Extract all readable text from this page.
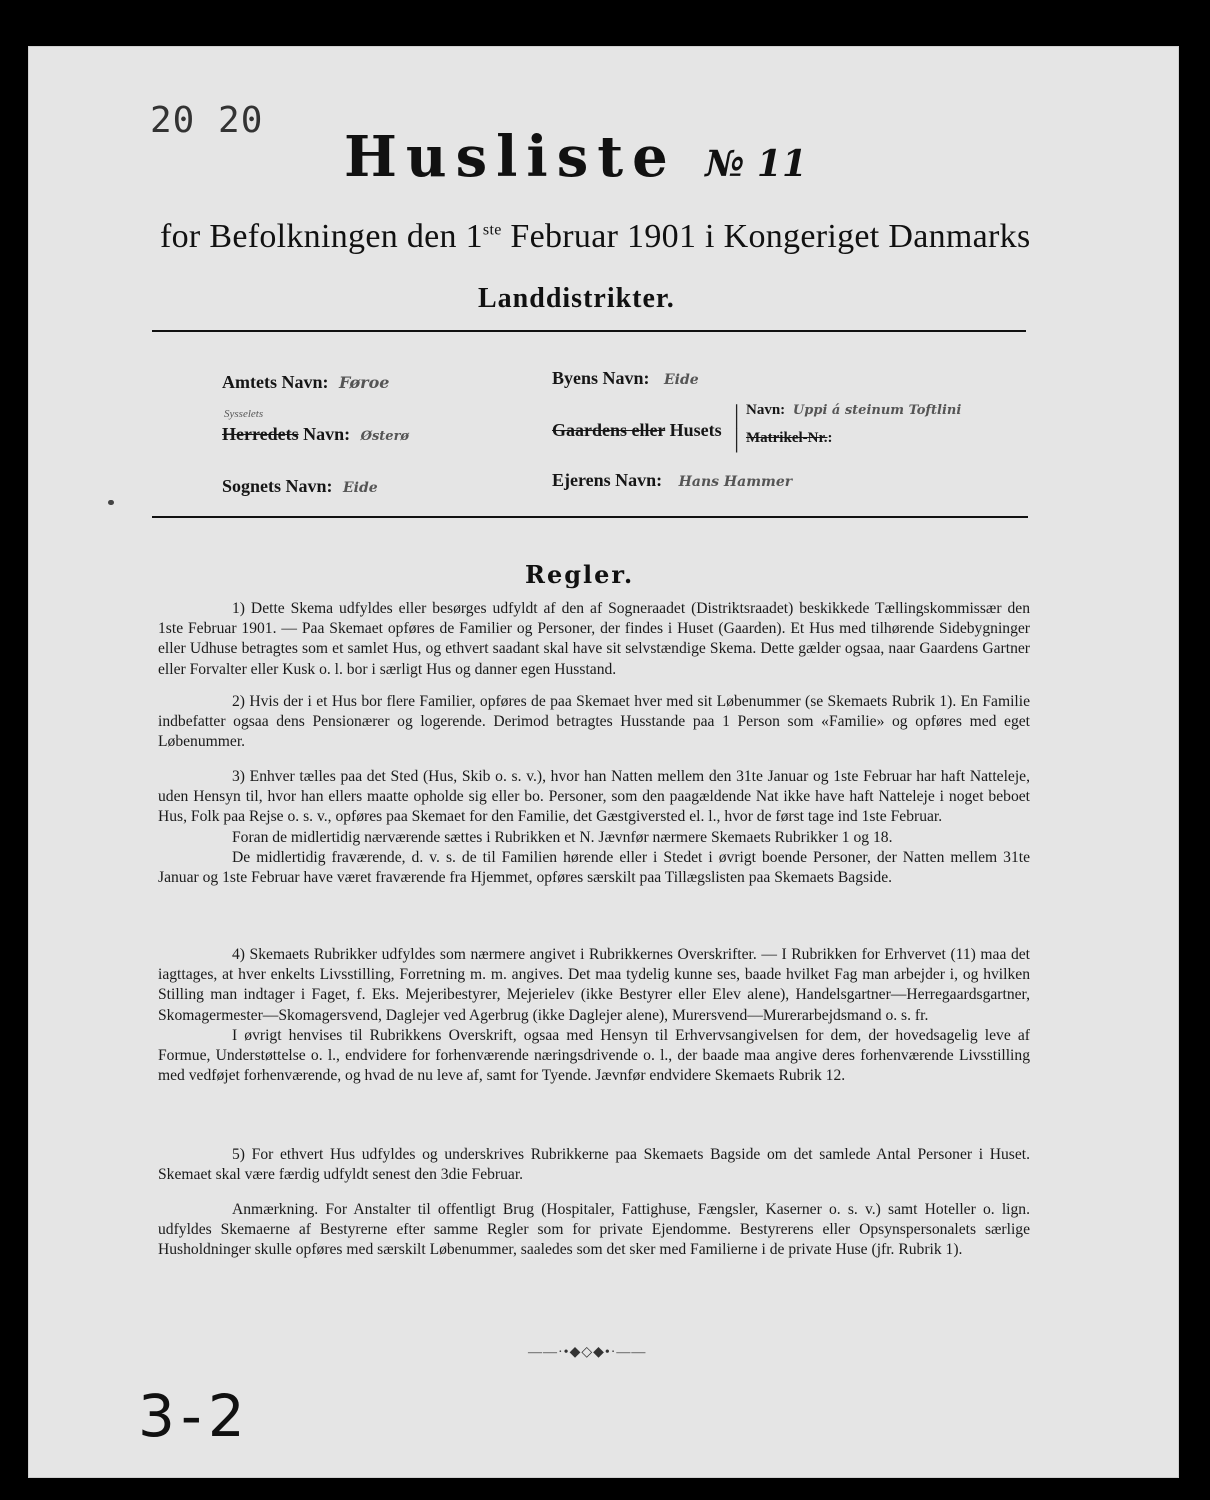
20 20
Husliste № 11
for Befolkningen den 1ste Februar 1901 i Kongeriget Danmarks
Landdistrikter.
Amtets Navn: Føroe
Sysselets
Herredets Navn: Østerø
Sognets Navn: Eide
Byens Navn: Eide
Gaardens eller Husets
|
|
Navn: Uppi á steinum Toftlini
Matrikel-Nr.:
Ejerens Navn: Hans Hammer
Regler.

1) Dette Skema udfyldes eller besørges udfyldt af den af Sogneraadet (Distriktsraadet) beskikkede Tællingskommissær den 1ste Februar 1901. — Paa Skemaet opføres de Familier og Personer, der findes i Huset (Gaarden). Et Hus med tilhørende Sidebygninger eller Udhuse betragtes som et samlet Hus, og ethvert saadant skal have sit selvstændige Skema. Dette gælder ogsaa, naar Gaardens Gartner eller Forvalter eller Kusk o. l. bor i særligt Hus og danner egen Husstand.

2) Hvis der i et Hus bor flere Familier, opføres de paa Skemaet hver med sit Løbenummer (se Skemaets Rubrik 1). En Familie indbefatter ogsaa dens Pensionærer og logerende. Derimod betragtes Husstande paa 1 Person som «Familie» og opføres med eget Løbenummer.

3) Enhver tælles paa det Sted (Hus, Skib o. s. v.), hvor han Natten mellem den 31te Januar og 1ste Februar har haft Natteleje, uden Hensyn til, hvor han ellers maatte opholde sig eller bo. Personer, som den paagældende Nat ikke have haft Natteleje i noget beboet Hus, Folk paa Rejse o. s. v., opføres paa Skemaet for den Familie, det Gæstgiversted el. l., hvor de først tage ind 1ste Februar.

Foran de midlertidig nærværende sættes i Rubrikken et N. Jævnfør nærmere Skemaets Rubrikker 1 og 18.

De midlertidig fraværende, d. v. s. de til Familien hørende eller i Stedet i øvrigt boende Personer, der Natten mellem 31te Januar og 1ste Februar have været fraværende fra Hjemmet, opføres særskilt paa Tillægslisten paa Skemaets Bagside.

4) Skemaets Rubrikker udfyldes som nærmere angivet i Rubrikkernes Overskrifter. — I Rubrikken for Erhvervet (11) maa det iagttages, at hver enkelts Livsstilling, Forretning m. m. angives. Det maa tydelig kunne ses, baade hvilket Fag man arbejder i, og hvilken Stilling man indtager i Faget, f. Eks. Mejeribestyrer, Mejerielev (ikke Bestyrer eller Elev alene), Handelsgartner—Herregaardsgartner, Skomagermester—Skomagersvend, Daglejer ved Agerbrug (ikke Daglejer alene), Murersvend—Murerarbejdsmand o. s. fr.

I øvrigt henvises til Rubrikkens Overskrift, ogsaa med Hensyn til Erhvervsangivelsen for dem, der hovedsagelig leve af Formue, Understøttelse o. l., endvidere for forhenværende næringsdrivende o. l., der baade maa angive deres forhenværende Livsstilling med vedføjet forhenværende, og hvad de nu leve af, samt for Tyende. Jævnfør endvidere Skemaets Rubrik 12.

5) For ethvert Hus udfyldes og underskrives Rubrikkerne paa Skemaets Bagside om det samlede Antal Personer i Huset. Skemaet skal være færdig udfyldt senest den 3die Februar.

Anmærkning. For Anstalter til offentligt Brug (Hospitaler, Fattighuse, Fængsler, Kaserner o. s. v.) samt Hoteller o. lign. udfyldes Skemaerne af Bestyrerne efter samme Regler som for private Ejendomme. Bestyrerens eller Opsynspersonalets særlige Husholdninger skulle opføres med særskilt Løbenummer, saaledes som det sker med Familierne i de private Huse (jfr. Rubrik 1).

——·•◆◇◆•·——
3-2
